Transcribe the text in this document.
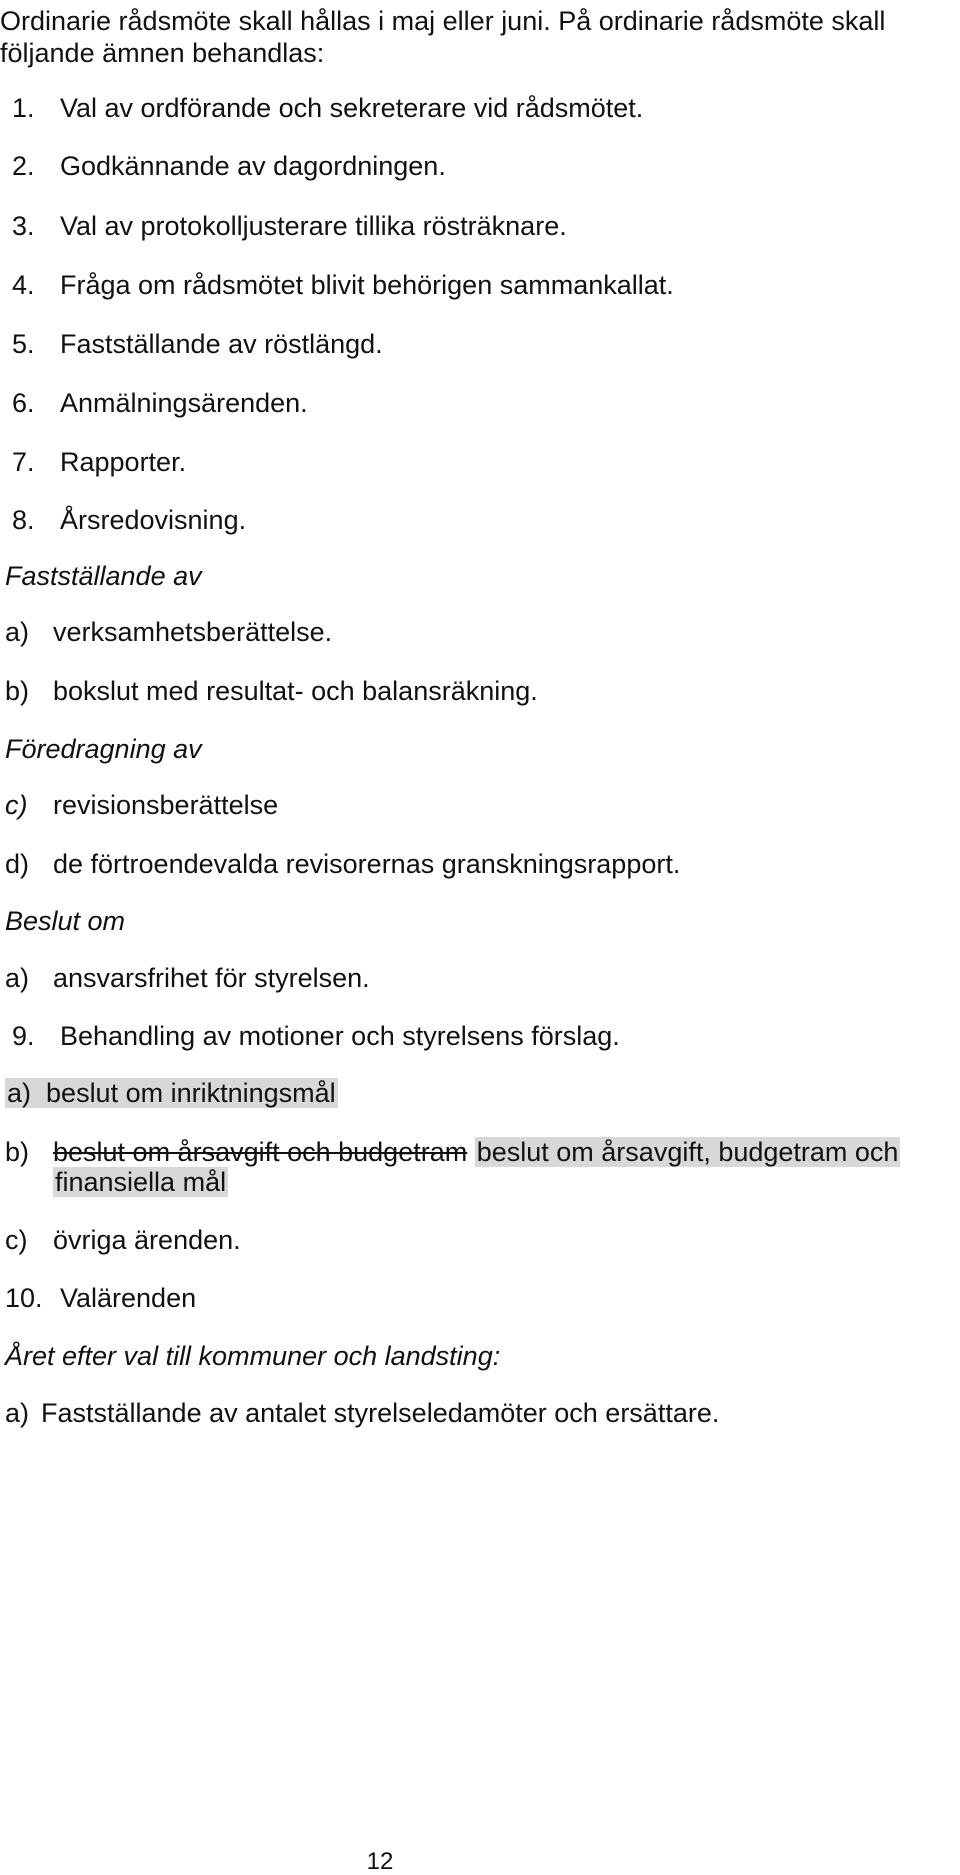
Ordinarie rådsmöte skall hållas i maj eller juni. På ordinarie rådsmöte skall
följande ämnen behandlas:
1. Val av ordförande och sekreterare vid rådsmötet.
2. Godkännande av dagordningen.
3. Val av protokolljusterare tillika rösträknare.
4. Fråga om rådsmötet blivit behörigen sammankallat.
5. Fastställande av röstlängd.
6. Anmälningsärenden.
7. Rapporter.
8. Årsredovisning.
Fastställande av
a) verksamhetsberättelse.
b) bokslut med resultat- och balansräkning.
Föredragning av
c) revisionsberättelse
d) de förtroendevalda revisorernas granskningsrapport.
Beslut om
a) ansvarsfrihet för styrelsen.
9. Behandling av motioner och styrelsens förslag.
a) beslut om inriktningsmål
b) beslut om årsavgift och budgetram beslut om årsavgift, budgetram och
finansiella mål
c) övriga ärenden.
10. Valärenden
Året efter val till kommuner och landsting:
a) Fastställande av antalet styrelseledamöter och ersättare.
12
